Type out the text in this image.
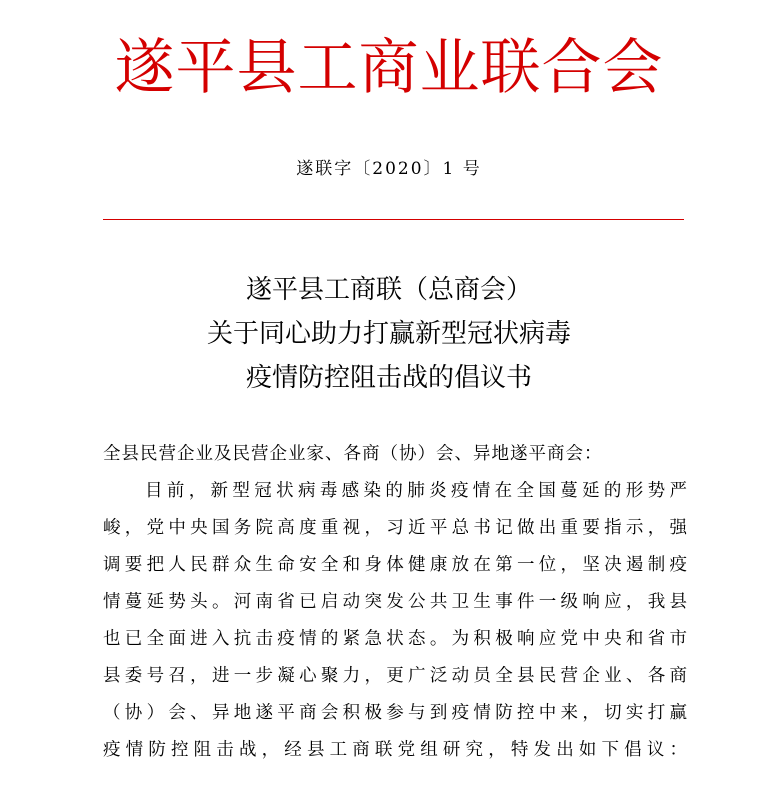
遂平县工商业联合会
遂联字〔2020〕1 号
遂平县工商联（总商会）
关于同心助力打赢新型冠状病毒
疫情防控阻击战的倡议书
全县民营企业及民营企业家、各商（协）会、异地遂平商会：
目前，新型冠状病毒感染的肺炎疫情在全国蔓延的形势严
峻，党中央国务院高度重视，习近平总书记做出重要指示，强
调要把人民群众生命安全和身体健康放在第一位，坚决遏制疫
情蔓延势头。河南省已启动突发公共卫生事件一级响应，我县
也已全面进入抗击疫情的紧急状态。为积极响应党中央和省市
县委号召，进一步凝心聚力，更广泛动员全县民营企业、各商
（协）会、异地遂平商会积极参与到疫情防控中来，切实打赢
疫情防控阻击战，经县工商联党组研究，特发出如下倡议：
